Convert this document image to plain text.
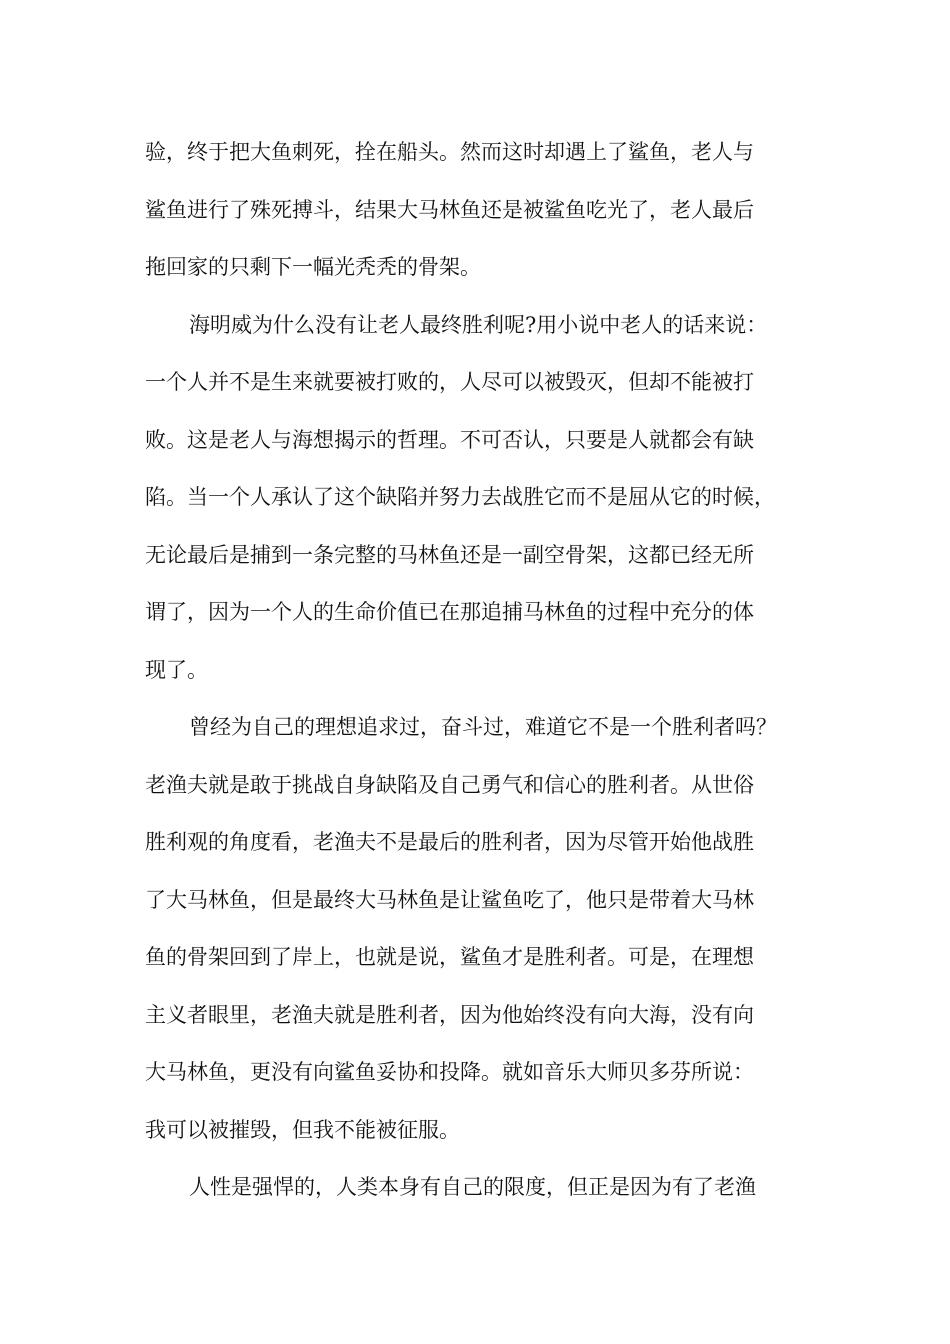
验，终于把大鱼刺死，拴在船头。然而这时却遇上了鲨鱼，老人与
鲨鱼进行了殊死搏斗，结果大马林鱼还是被鲨鱼吃光了，老人最后
拖回家的只剩下一幅光秃秃的骨架。
海明威为什么没有让老人最终胜利呢?用小说中老人的话来说：
一个人并不是生来就要被打败的，人尽可以被毁灭，但却不能被打
败。这是老人与海想揭示的哲理。不可否认，只要是人就都会有缺
陷。当一个人承认了这个缺陷并努力去战胜它而不是屈从它的时候，
无论最后是捕到一条完整的马林鱼还是一副空骨架，这都已经无所
谓了，因为一个人的生命价值已在那追捕马林鱼的过程中充分的体
现了。
曾经为自己的理想追求过，奋斗过，难道它不是一个胜利者吗？
老渔夫就是敢于挑战自身缺陷及自己勇气和信心的胜利者。从世俗
胜利观的角度看，老渔夫不是最后的胜利者，因为尽管开始他战胜
了大马林鱼，但是最终大马林鱼是让鲨鱼吃了，他只是带着大马林
鱼的骨架回到了岸上，也就是说，鲨鱼才是胜利者。可是，在理想
主义者眼里，老渔夫就是胜利者，因为他始终没有向大海，没有向
大马林鱼，更没有向鲨鱼妥协和投降。就如音乐大师贝多芬所说：
我可以被摧毁，但我不能被征服。
人性是强悍的，人类本身有自己的限度，但正是因为有了老渔
